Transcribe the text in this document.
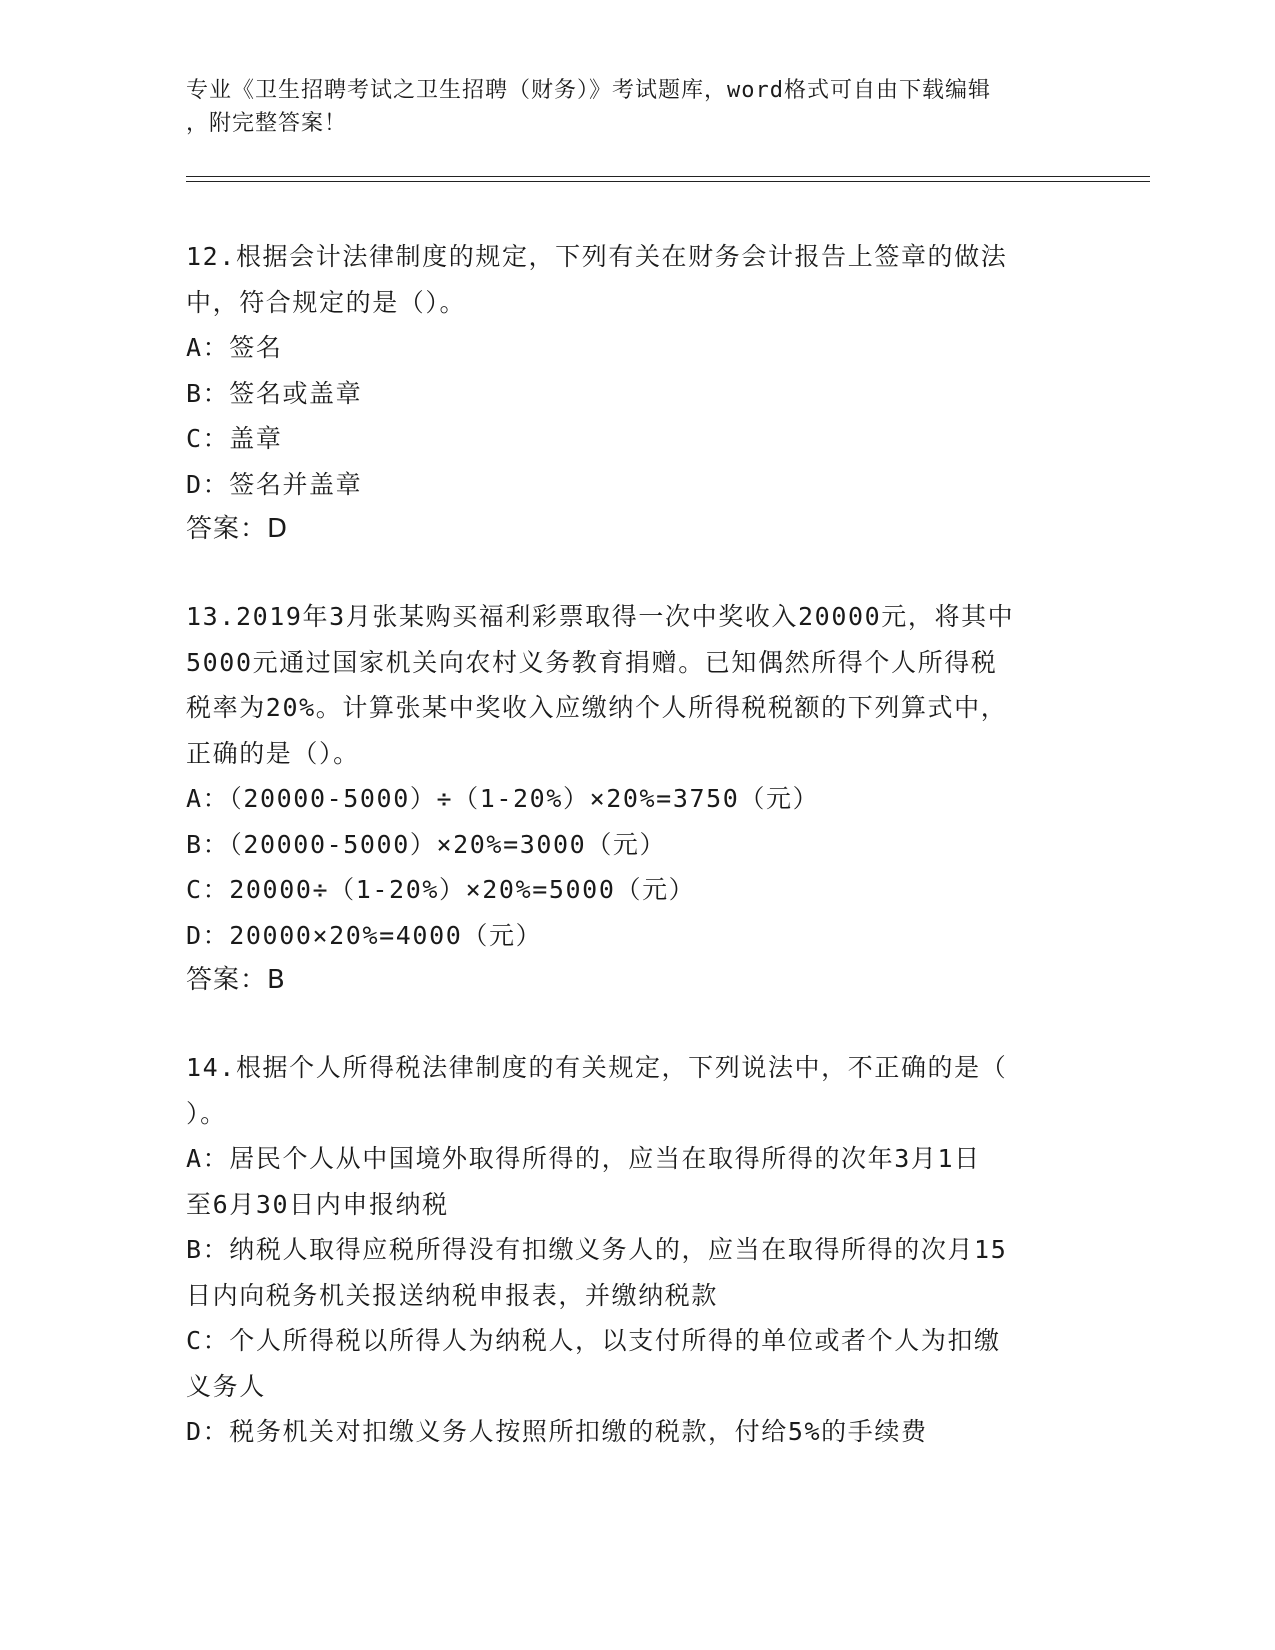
专业《卫生招聘考试之卫生招聘（财务）》考试题库，word格式可自由下载编辑
，附完整答案！
12.根据会计法律制度的规定，下列有关在财务会计报告上签章的做法
中，符合规定的是（）。
A：签名
B：签名或盖章
C：盖章
D：签名并盖章
答案：D
13.2019年3月张某购买福利彩票取得一次中奖收入20000元，将其中
5000元通过国家机关向农村义务教育捐赠。已知偶然所得个人所得税
税率为20%。计算张某中奖收入应缴纳个人所得税税额的下列算式中，
正确的是（）。
A：（20000-5000）÷（1-20%）×20%=3750（元）
B：（20000-5000）×20%=3000（元）
C：20000÷（1-20%）×20%=5000（元）
D：20000×20%=4000（元）
答案：B
14.根据个人所得税法律制度的有关规定，下列说法中，不正确的是（
）。
A：居民个人从中国境外取得所得的，应当在取得所得的次年3月1日
至6月30日内申报纳税
B：纳税人取得应税所得没有扣缴义务人的，应当在取得所得的次月15
日内向税务机关报送纳税申报表，并缴纳税款
C：个人所得税以所得人为纳税人，以支付所得的单位或者个人为扣缴
义务人
D：税务机关对扣缴义务人按照所扣缴的税款，付给5%的手续费
